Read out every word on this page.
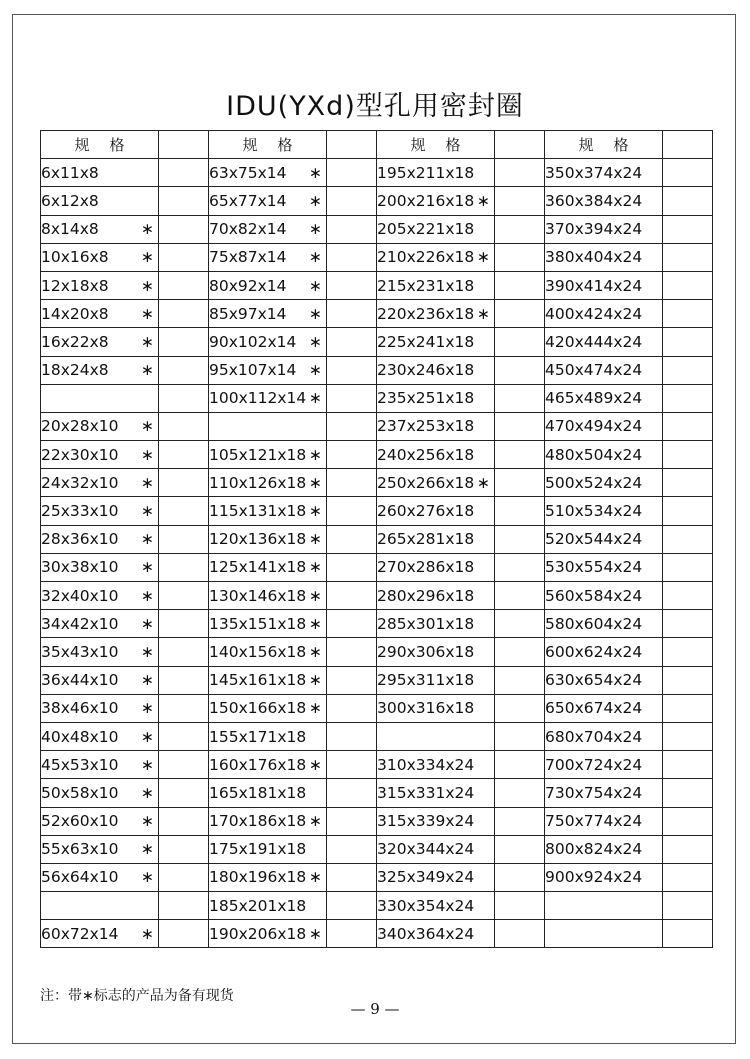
IDU(YXd)型孔用密封圈
规格		规格		规格		规格	
6x11x8		63x75x14 ∗		195x211x18		350x374x24

6x12x8		65x77x14 ∗		200x216x18 ∗		360x384x24

8x14x8 ∗		70x82x14 ∗		205x221x18		370x394x24

10x16x8 ∗		75x87x14 ∗		210x226x18 ∗		380x404x24

12x18x8 ∗		80x92x14 ∗		215x231x18		390x414x24

14x20x8 ∗		85x97x14 ∗		220x236x18 ∗		400x424x24

16x22x8 ∗		90x102x14 ∗		225x241x18		420x444x24

18x24x8 ∗		95x107x14 ∗		230x246x18		450x474x24

		100x112x14 ∗		235x251x18		465x489x24

20x28x10 ∗				237x253x18		470x494x24

22x30x10 ∗		105x121x18 ∗		240x256x18		480x504x24

24x32x10 ∗		110x126x18 ∗		250x266x18 ∗		500x524x24

25x33x10 ∗		115x131x18 ∗		260x276x18		510x534x24

28x36x10 ∗		120x136x18 ∗		265x281x18		520x544x24

30x38x10 ∗		125x141x18 ∗		270x286x18		530x554x24

32x40x10 ∗		130x146x18 ∗		280x296x18		560x584x24

34x42x10 ∗		135x151x18 ∗		285x301x18		580x604x24

35x43x10 ∗		140x156x18 ∗		290x306x18		600x624x24

36x44x10 ∗		145x161x18 ∗		295x311x18		630x654x24

38x46x10 ∗		150x166x18 ∗		300x316x18		650x674x24

40x48x10 ∗		155x171x18				680x704x24

45x53x10 ∗		160x176x18 ∗		310x334x24		700x724x24

50x58x10 ∗		165x181x18		315x331x24		730x754x24

52x60x10 ∗		170x186x18 ∗		315x339x24		750x774x24

55x63x10 ∗		175x191x18		320x344x24		800x824x24

56x64x10 ∗		180x196x18 ∗		325x349x24		900x924x24

		185x201x18		330x354x24

60x72x14 ∗		190x206x18 ∗		340x364x24

注：带∗标志的产品为备有现货
— 9 —
